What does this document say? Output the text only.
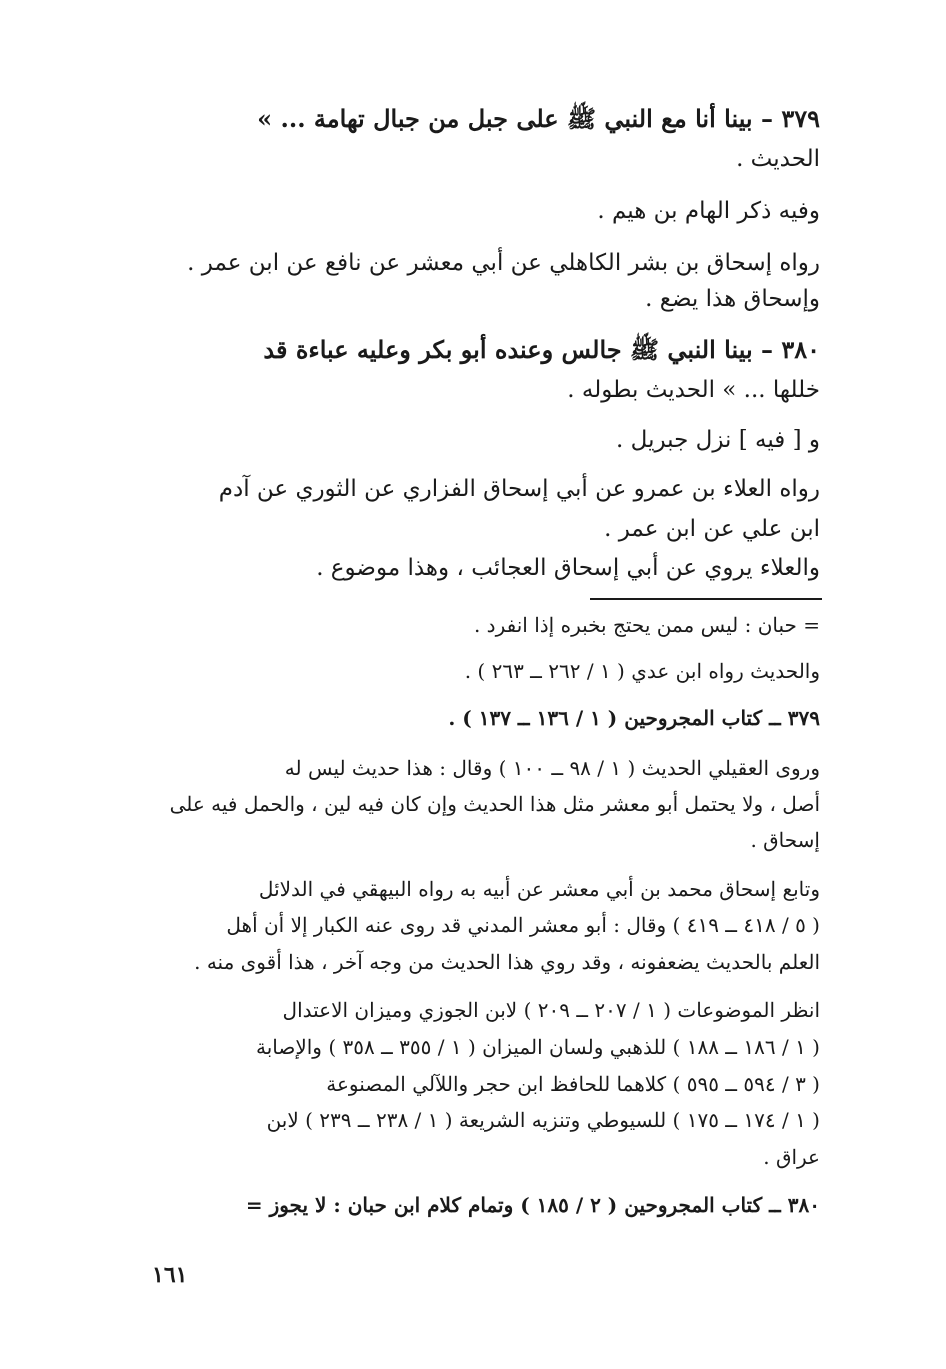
٣٧٩ – بينا أنا مع النبي ﷺ على جبل من جبال تهامة ... »
الحديث .
وفيه ذكر الهام بن هيم .
رواه إسحاق بن بشر الكاهلي عن أبي معشر عن نافع عن ابن عمر .
وإسحاق هذا يضع .
٣٨٠ – بينا النبي ﷺ جالس وعنده أبو بكر وعليه عباءة قد
خللها ... » الحديث بطوله .
و [ فيه ] نزل جبريل .
رواه العلاء بن عمرو عن أبي إسحاق الفزاري عن الثوري عن آدم
ابن علي عن ابن عمر .
والعلاء يروي عن أبي إسحاق العجائب ، وهذا موضوع .
= حبان : ليس ممن يحتج بخبره إذا انفرد .
والحديث رواه ابن عدي ( ١ / ٢٦٢ ــ ٢٦٣ ) .
٣٧٩ ــ كتاب المجروحين ( ١ / ١٣٦ ــ ١٣٧ ) .
وروى العقيلي الحديث ( ١ / ٩٨ ــ ١٠٠ ) وقال : هذا حديث ليس له
أصل ، ولا يحتمل أبو معشر مثل هذا الحديث وإن كان فيه لين ، والحمل فيه على
إسحاق .
وتابع إسحاق محمد بن أبي معشر عن أبيه به رواه البيهقي في الدلائل
( ٥ / ٤١٨ ــ ٤١٩ ) وقال : أبو معشر المدني قد روى عنه الكبار إلا أن أهل
العلم بالحديث يضعفونه ، وقد روي هذا الحديث من وجه آخر ، هذا أقوى منه .
انظر الموضوعات ( ١ / ٢٠٧ ــ ٢٠٩ ) لابن الجوزي وميزان الاعتدال
( ١ / ١٨٦ ــ ١٨٨ ) للذهبي ولسان الميزان ( ١ / ٣٥٥ ــ ٣٥٨ ) والإصابة
( ٣ / ٥٩٤ ــ ٥٩٥ ) كلاهما للحافظ ابن حجر واللآلي المصنوعة
( ١ / ١٧٤ ــ ١٧٥ ) للسيوطي وتنزيه الشريعة ( ١ / ٢٣٨ ــ ٢٣٩ ) لابن
عراق .
٣٨٠ ــ كتاب المجروحين ( ٢ / ١٨٥ ) وتمام كلام ابن حبان : لا يجوز =
١٦١
